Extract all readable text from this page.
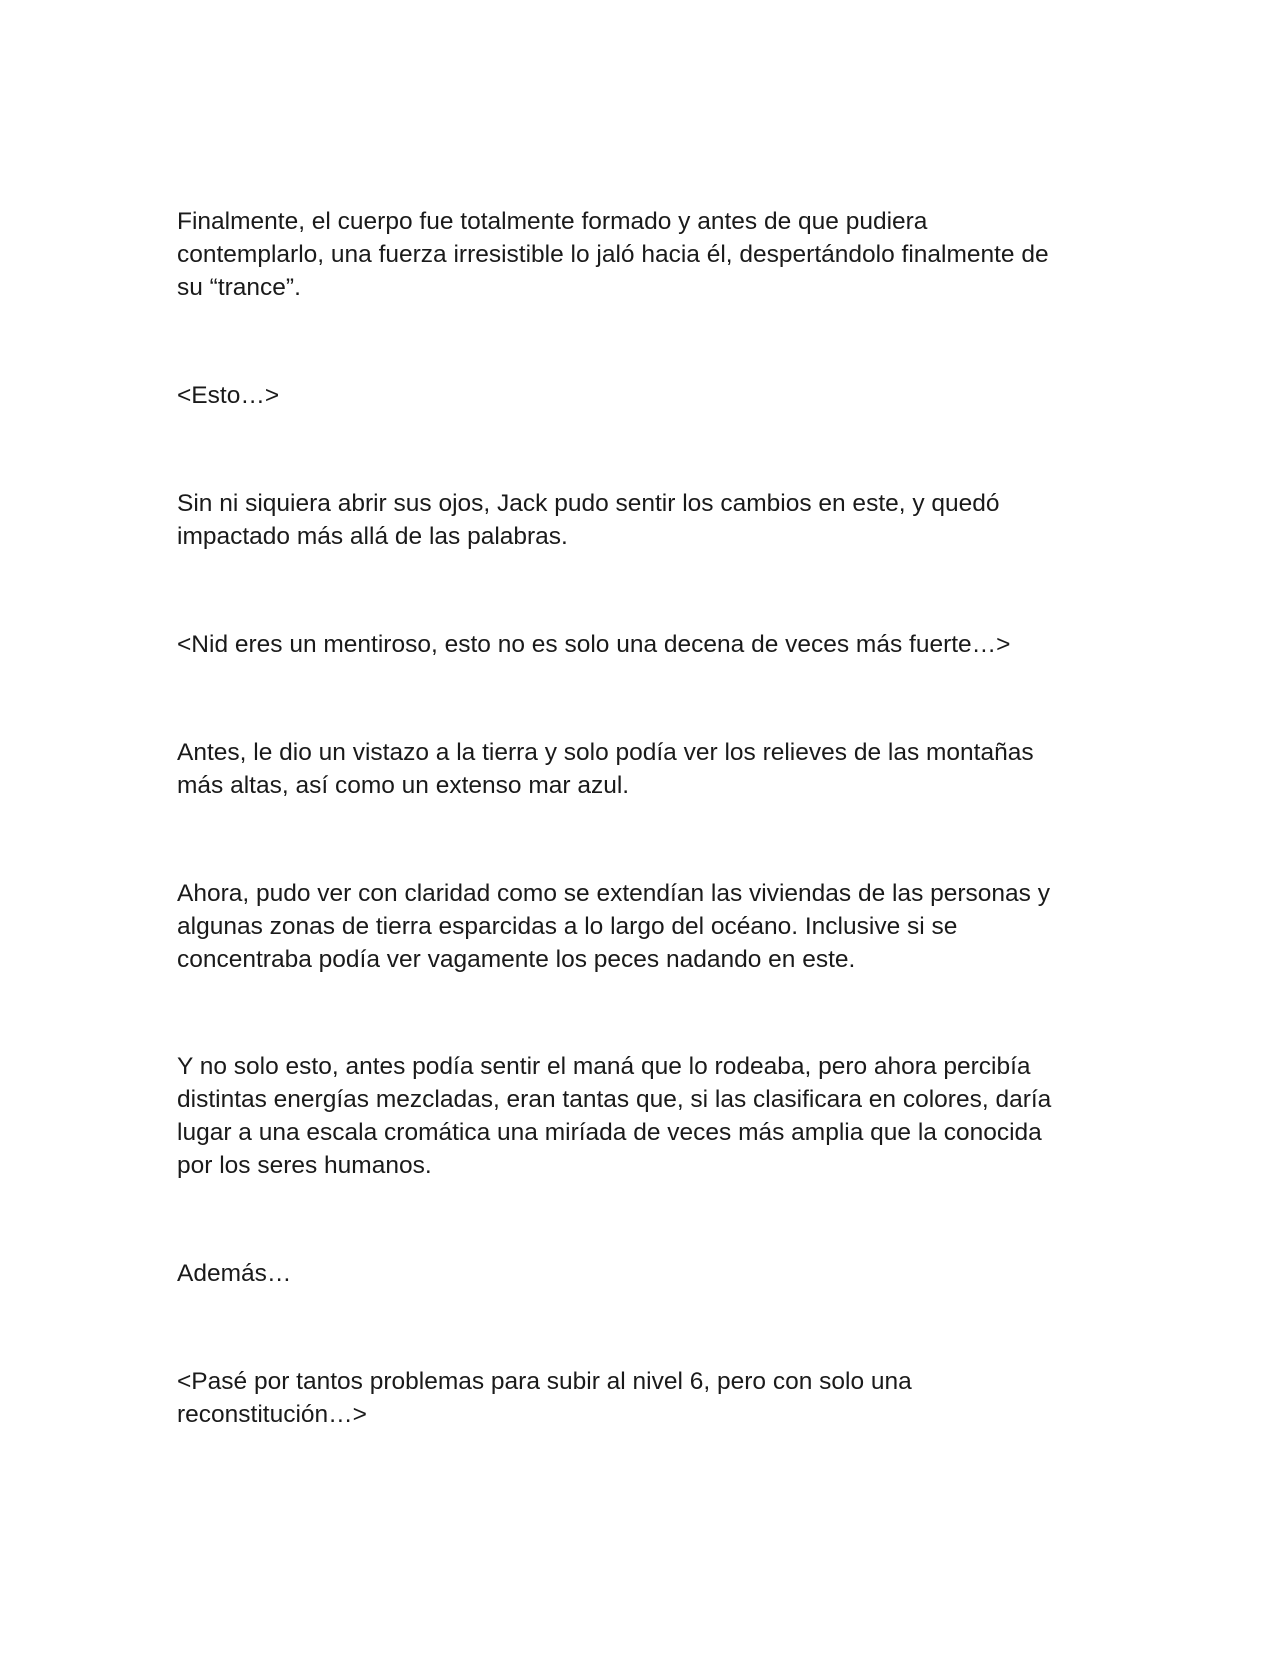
Finalmente, el cuerpo fue totalmente formado y antes de que pudiera
contemplarlo, una fuerza irresistible lo jaló hacia él, despertándolo finalmente de
su “trance”.

<Esto…>

Sin ni siquiera abrir sus ojos, Jack pudo sentir los cambios en este, y quedó
impactado más allá de las palabras.

<Nid eres un mentiroso, esto no es solo una decena de veces más fuerte…>

Antes, le dio un vistazo a la tierra y solo podía ver los relieves de las montañas
más altas, así como un extenso mar azul.

Ahora, pudo ver con claridad como se extendían las viviendas de las personas y
algunas zonas de tierra esparcidas a lo largo del océano. Inclusive si se
concentraba podía ver vagamente los peces nadando en este.

Y no solo esto, antes podía sentir el maná que lo rodeaba, pero ahora percibía
distintas energías mezcladas, eran tantas que, si las clasificara en colores, daría
lugar a una escala cromática una miríada de veces más amplia que la conocida
por los seres humanos.

Además…

<Pasé por tantos problemas para subir al nivel 6, pero con solo una
reconstitución…>
